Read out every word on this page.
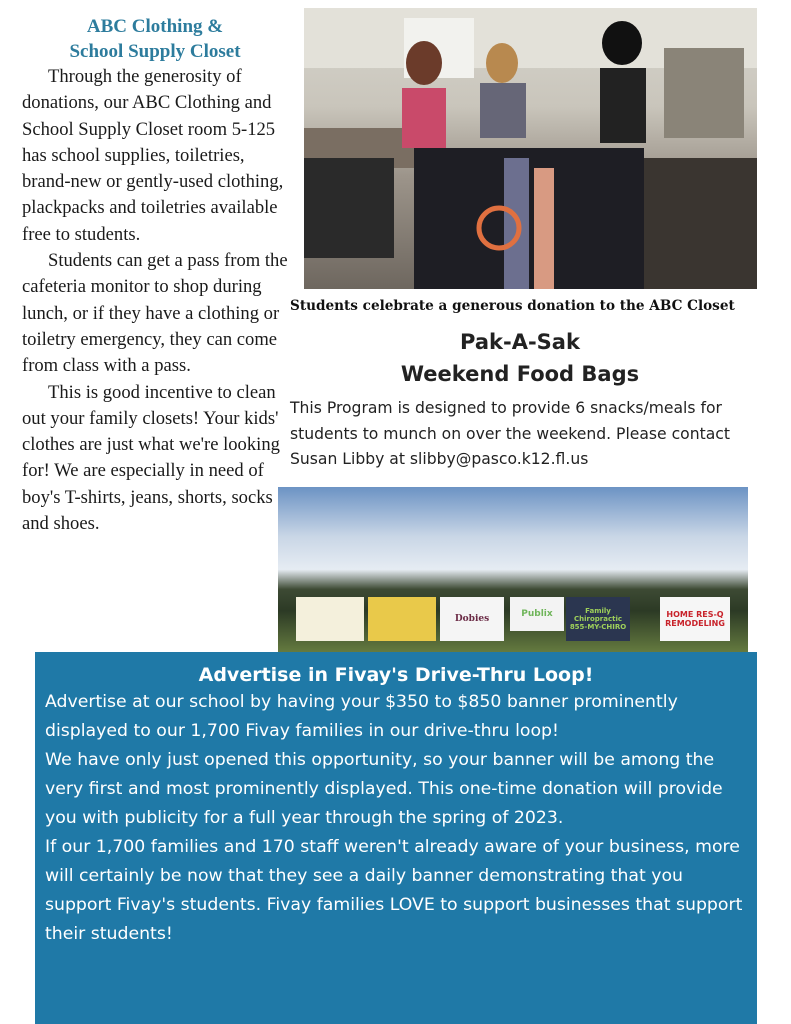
ABC Clothing &
School Supply Closet

Through the generosity of donations, our ABC Clothing and School Supply Closet room 5-125 has school supplies, toiletries, brand-new or gently-used clothing, plackpacks and toiletries available free to students.

Students can get a pass from the cafeteria monitor to shop during lunch, or if they have a clothing or toiletry emergency, they can come from class with a pass.

This is good incentive to clean out your family closets! Your kids' clothes are just what we're looking for! We are especially in need of boy's T-shirts, jeans, shorts, socks and shoes.

Students celebrate a generous donation to the ABC Closet
Pak-A-Sak
Weekend Food Bags

This Program is designed to provide 6 snacks/meals for students to munch on over the weekend. Please contact Susan Libby at slibby@pasco.k12.fl.us

Dobies	Publix	Family Chiropractic 855-MY-CHIRO
HOME RES-Q REMODELING
Advertise in Fivay's Drive-Thru Loop!

Advertise at our school by having your $350 to $850 banner prominently displayed to our 1,700 Fivay families in our drive-thru loop!

We have only just opened this opportunity, so your banner will be among the very first and most prominently displayed. This one-time donation will provide you with publicity for a full year through the spring of 2023.

If our 1,700 families and 170 staff weren't already aware of your business, more will certainly be now that they see a daily banner demonstrating that you support Fivay's students. Fivay families LOVE to support businesses that support their students!
